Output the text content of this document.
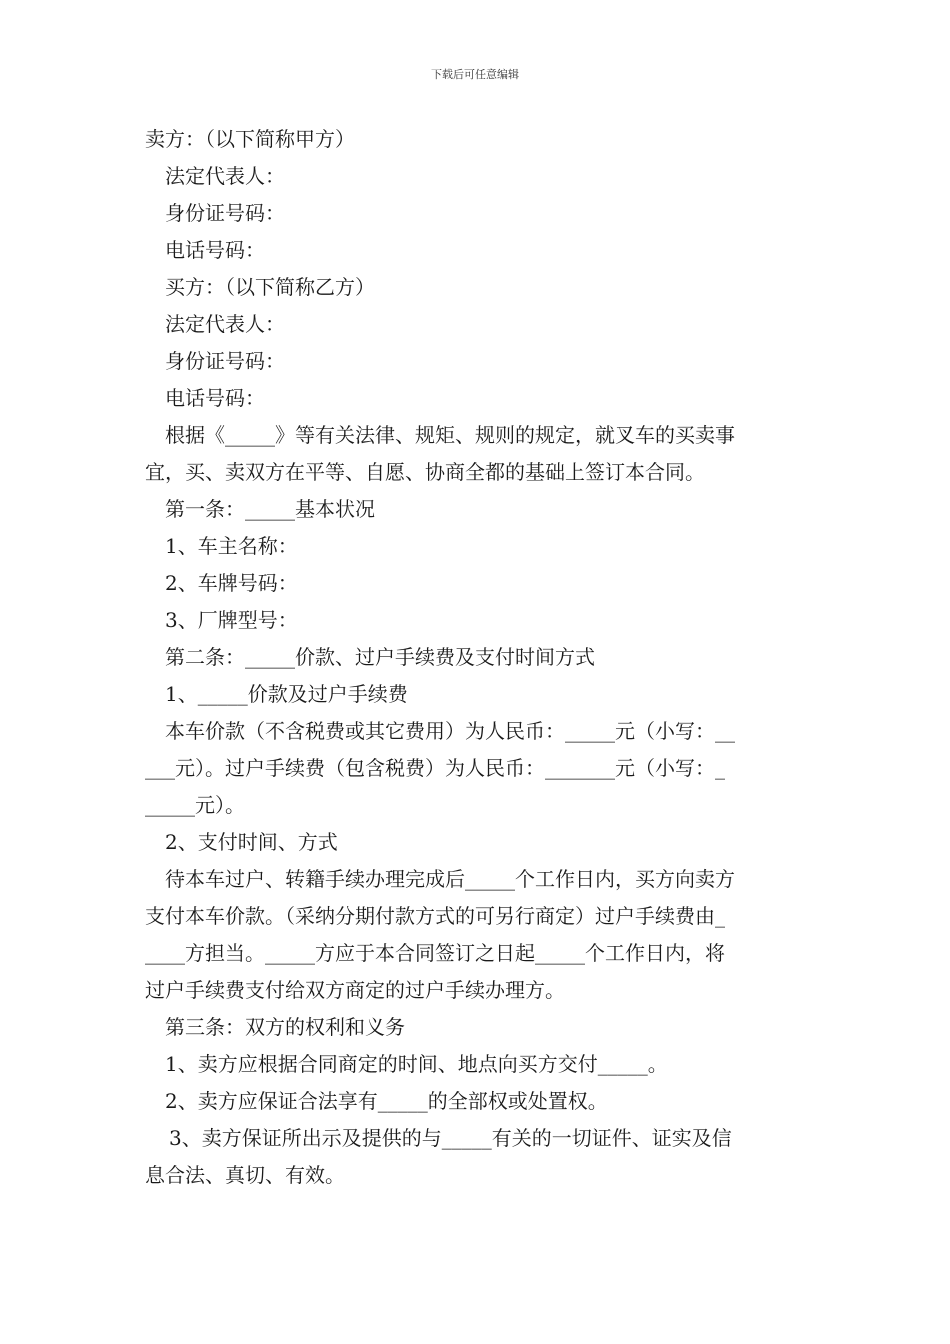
下载后可任意编辑

卖方：（以下简称甲方）

法定代表人：

身份证号码：

电话号码：

买方：（以下简称乙方）

法定代表人：

身份证号码：

电话号码：

根据《_____》等有关法律、规矩、规则的规定，就叉车的买卖事

宜，买、卖双方在平等、自愿、协商全都的基础上签订本合同。

第一条：_____基本状况

1、车主名称：

2、车牌号码：

3、厂牌型号：

第二条：_____价款、过户手续费及支付时间方式

1、_____价款及过户手续费

本车价款（不含税费或其它费用）为人民币：_____元（小写：__

___元）。过户手续费（包含税费）为人民币：_______元（小写：_

_____元）。

2、支付时间、方式

待本车过户、转籍手续办理完成后_____个工作日内，买方向卖方

支付本车价款。（采纳分期付款方式的可另行商定）过户手续费由_

____方担当。_____方应于本合同签订之日起_____个工作日内，将

过户手续费支付给双方商定的过户手续办理方。

第三条：双方的权利和义务

1、卖方应根据合同商定的时间、地点向买方交付_____。

2、卖方应保证合法享有_____的全部权或处置权。

3、卖方保证所出示及提供的与_____有关的一切证件、证实及信

息合法、真切、有效。
